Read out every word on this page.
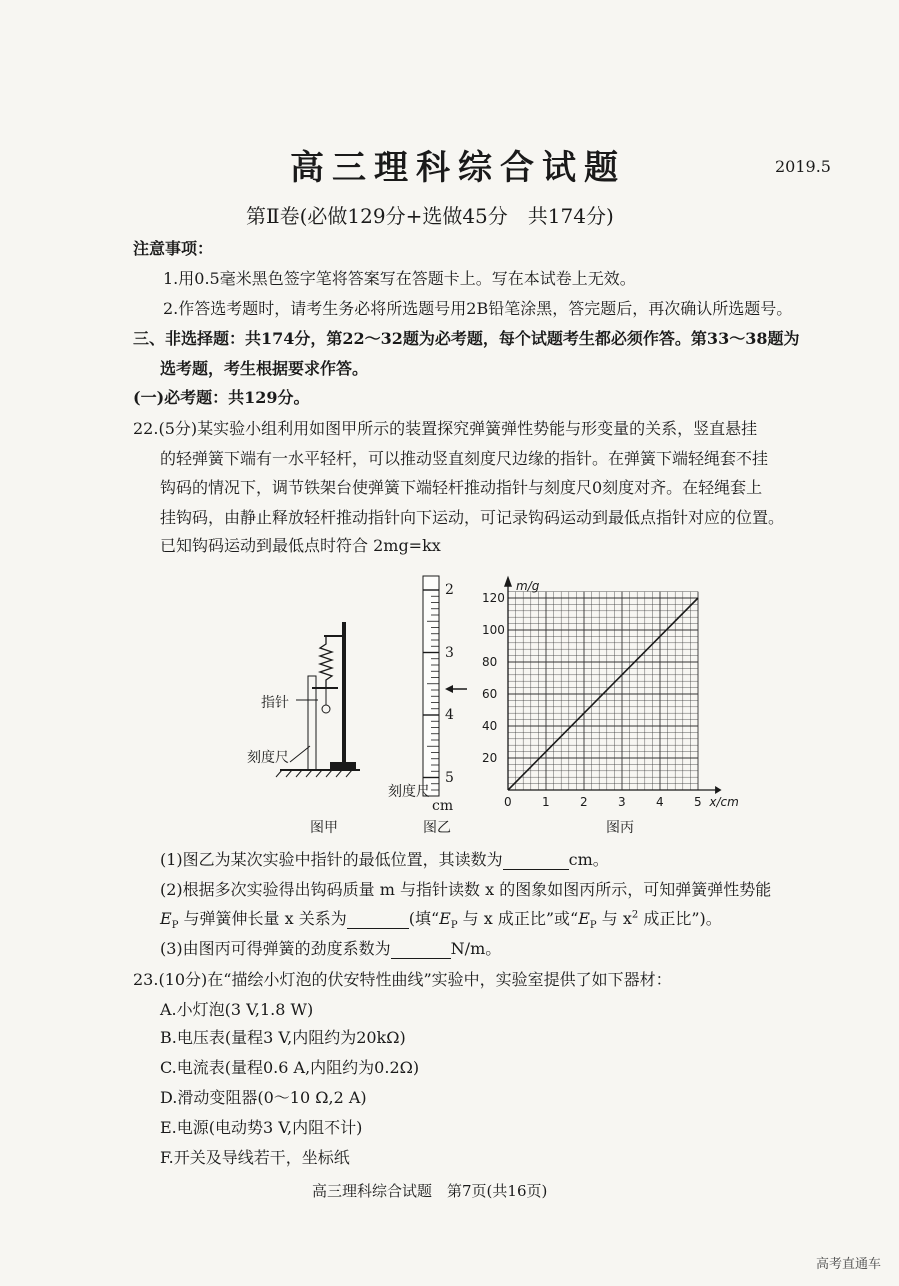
高三理科综合试题	2019.5
第Ⅱ卷(必做129分+选做45分　共174分)
注意事项：
1.用0.5毫米黑色签字笔将答案写在答题卡上。写在本试卷上无效。
2.作答选考题时，请考生务必将所选题号用2B铅笔涂黑，答完题后，再次确认所选题号。
三、非选择题：共174分，第22～32题为必考题，每个试题考生都必须作答。第33～38题为
选考题，考生根据要求作答。
(一)必考题：共129分。
22.(5分)某实验小组利用如图甲所示的装置探究弹簧弹性势能与形变量的关系，竖直悬挂
的轻弹簧下端有一水平轻杆，可以推动竖直刻度尺边缘的指针。在弹簧下端轻绳套不挂
钩码的情况下，调节铁架台使弹簧下端轻杆推动指针与刻度尺0刻度对齐。在轻绳套上
挂钩码，由静止释放轻杆推动指针向下运动，可记录钩码运动到最低点指针对应的位置。
已知钩码运动到最低点时符合 2mg=kx
指针
刻度尺
图甲
2
3
4
5
刻度尺
cm
图乙
0	1	2	3	4	5
20
40
60
80
100
120
x/cm
m/g
图丙
(1)图乙为某次实验中指针的最低位置，其读数为	cm。
(2)根据多次实验得出钩码质量 m 与指针读数 x 的图象如图丙所示，可知弹簧弹性势能
$E_P$ 与弹簧伸长量 x 关系为	(填“$E_P$ 与 x 成正比”或“$E_P$ 与 $x^2$ 成正比”)。
(3)由图丙可得弹簧的劲度系数为	N/m。
23.(10分)在“描绘小灯泡的伏安特性曲线”实验中，实验室提供了如下器材：
A.小灯泡(3 V,1.8 W)
B.电压表(量程3 V,内阻约为20kΩ)
C.电流表(量程0.6 A,内阻约为0.2Ω)
D.滑动变阻器(0～10 Ω,2 A)
E.电源(电动势3 V,内阻不计)
F.开关及导线若干，坐标纸
高三理科综合试题　第7页(共16页)
高考直通车
